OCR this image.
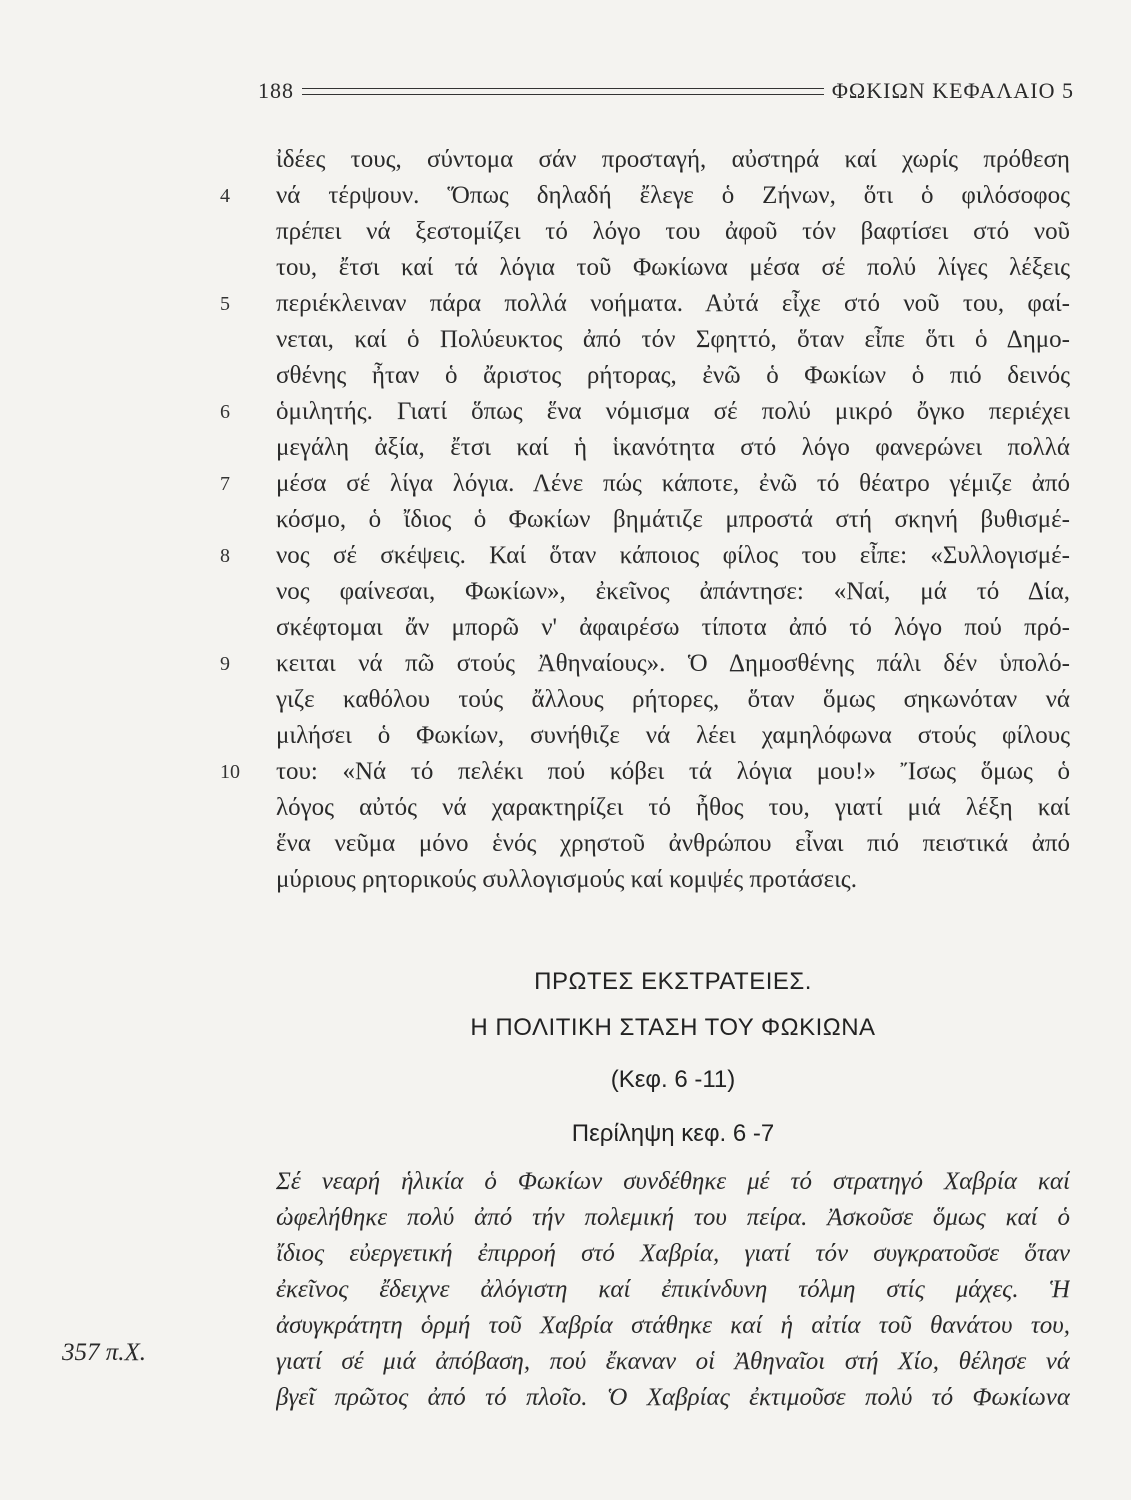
188	ΦΩΚΙΩΝ ΚΕΦΑΛΑΙΟ 5
4
5
6
7
8
9
10
ἰδέες τους, σύντομα σάν προσταγή, αὐστηρά καί χωρίς πρόθεση
νά τέρψουν. Ὅπως δηλαδή ἔλεγε ὁ Ζήνων, ὅτι ὁ φιλόσοφος
πρέπει νά ξεστομίζει τό λόγο του ἀφοῦ τόν βαφτίσει στό νοῦ
του, ἔτσι καί τά λόγια τοῦ Φωκίωνα μέσα σέ πολύ λίγες λέξεις
περιέκλειναν πάρα πολλά νοήματα. Αὐτά εἶχε στό νοῦ του, φαί-
νεται, καί ὁ Πολύευκτος ἀπό τόν Σφηττό, ὅταν εἶπε ὅτι ὁ Δημο-
σθένης ἦταν ὁ ἄριστος ρήτορας, ἐνῶ ὁ Φωκίων ὁ πιό δεινός
ὁμιλητής. Γιατί ὅπως ἕνα νόμισμα σέ πολύ μικρό ὄγκο περιέχει
μεγάλη ἀξία, ἔτσι καί ἡ ἱκανότητα στό λόγο φανερώνει πολλά
μέσα σέ λίγα λόγια. Λένε πώς κάποτε, ἐνῶ τό θέατρο γέμιζε ἀπό
κόσμο, ὁ ἴδιος ὁ Φωκίων βημάτιζε μπροστά στή σκηνή βυθισμέ-
νος σέ σκέψεις. Καί ὅταν κάποιος φίλος του εἶπε: «Συλλογισμέ-
νος φαίνεσαι, Φωκίων», ἐκεῖνος ἀπάντησε: «Ναί, μά τό Δία,
σκέφτομαι ἄν μπορῶ ν' ἀφαιρέσω τίποτα ἀπό τό λόγο πού πρό-
κειται νά πῶ στούς Ἀθηναίους». Ὁ Δημοσθένης πάλι δέν ὑπολό-
γιζε καθόλου τούς ἄλλους ρήτορες, ὅταν ὅμως σηκωνόταν νά
μιλήσει ὁ Φωκίων, συνήθιζε νά λέει χαμηλόφωνα στούς φίλους
του: «Νά τό πελέκι πού κόβει τά λόγια μου!» Ἴσως ὅμως ὁ
λόγος αὐτός νά χαρακτηρίζει τό ἦθος του, γιατί μιά λέξη καί
ἕνα νεῦμα μόνο ἑνός χρηστοῦ ἀνθρώπου εἶναι πιό πειστικά ἀπό
μύριους ρητορικούς συλλογισμούς καί κομψές προτάσεις.
ΠΡΩΤΕΣ ΕΚΣΤΡΑΤΕΙΕΣ.
Η ΠΟΛΙΤΙΚΗ ΣΤΑΣΗ ΤΟΥ ΦΩΚΙΩΝΑ
(Κεφ. 6 -11)
Περίληψη κεφ. 6 -7
Σέ νεαρή ἡλικία ὁ Φωκίων συνδέθηκε μέ τό στρατηγό Χαβρία καί
ὠφελήθηκε πολύ ἀπό τήν πολεμική του πείρα. Ἀσκοῦσε ὅμως καί ὁ
ἴδιος εὐεργετική ἐπιρροή στό Χαβρία, γιατί τόν συγκρατοῦσε ὅταν
ἐκεῖνος ἔδειχνε ἀλόγιστη καί ἐπικίνδυνη τόλμη στίς μάχες. Ἡ
ἀσυγκράτητη ὁρμή τοῦ Χαβρία στάθηκε καί ἡ αἰτία τοῦ θανάτου του,
γιατί σέ μιά ἀπόβαση, πού ἔκαναν οἱ Ἀθηναῖοι στή Χίο, θέλησε νά
βγεῖ πρῶτος ἀπό τό πλοῖο. Ὁ Χαβρίας ἐκτιμοῦσε πολύ τό Φωκίωνα
357 π.Χ.
